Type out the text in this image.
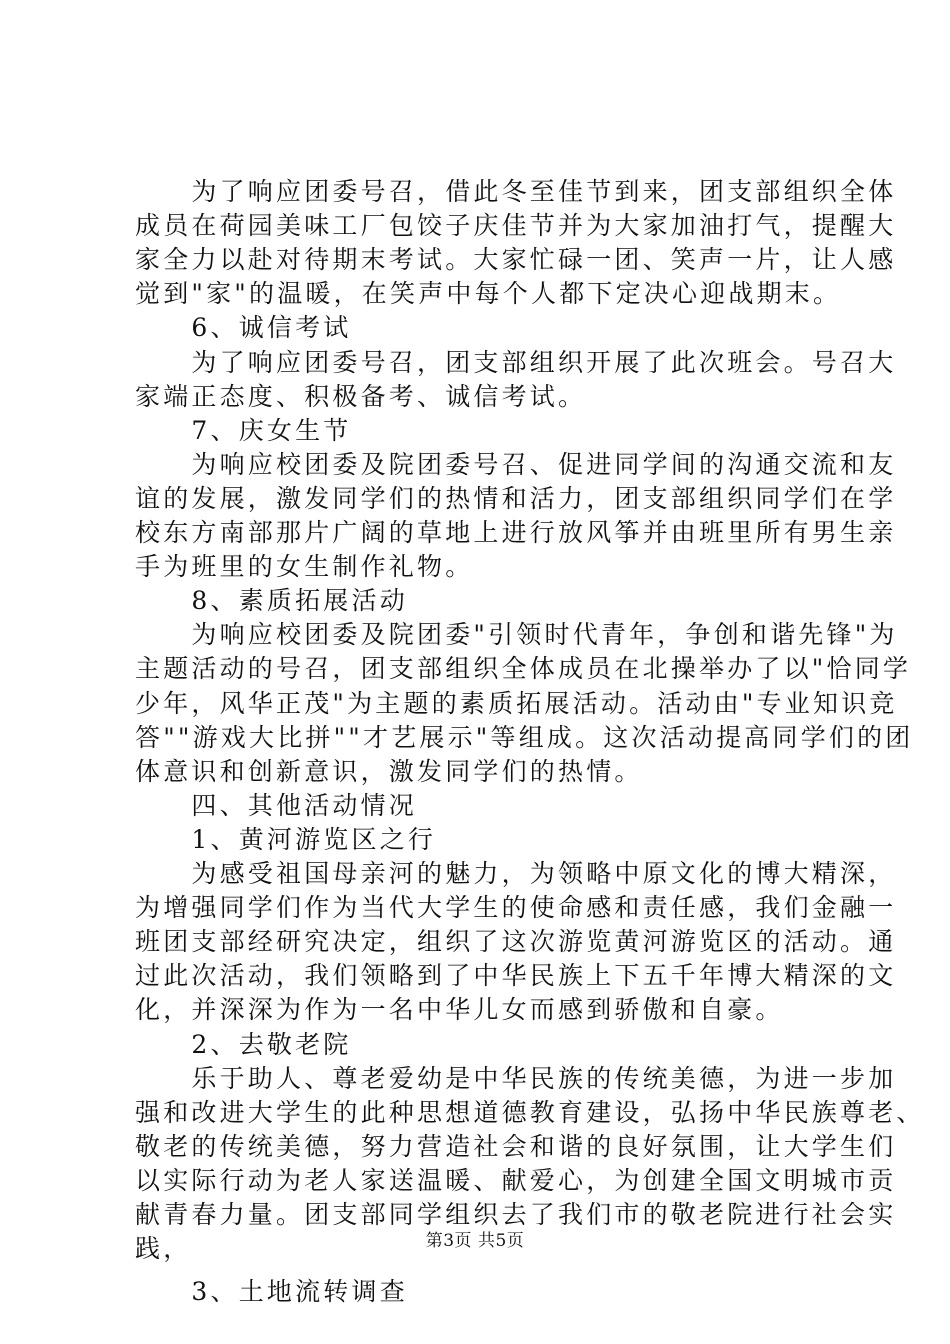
　　为了响应团委号召，借此冬至佳节到来，团支部组织全体
成员在荷园美味工厂包饺子庆佳节并为大家加油打气，提醒大
家全力以赴对待期末考试。大家忙碌一团、笑声一片，让人感
觉到"家"的温暖，在笑声中每个人都下定决心迎战期末。
　　6、诚信考试
　　为了响应团委号召，团支部组织开展了此次班会。号召大
家端正态度、积极备考、诚信考试。
　　7、庆女生节
　　为响应校团委及院团委号召、促进同学间的沟通交流和友
谊的发展，激发同学们的热情和活力，团支部组织同学们在学
校东方南部那片广阔的草地上进行放风筝并由班里所有男生亲
手为班里的女生制作礼物。
　　8、素质拓展活动
　　为响应校团委及院团委"引领时代青年，争创和谐先锋"为
主题活动的号召，团支部组织全体成员在北操举办了以"恰同学
少年，风华正茂"为主题的素质拓展活动。活动由"专业知识竞
答""游戏大比拼""才艺展示"等组成。这次活动提高同学们的团
体意识和创新意识，激发同学们的热情。
　　四、其他活动情况
　　1、黄河游览区之行
　　为感受祖国母亲河的魅力，为领略中原文化的博大精深，
为增强同学们作为当代大学生的使命感和责任感，我们金融一
班团支部经研究决定，组织了这次游览黄河游览区的活动。通
过此次活动，我们领略到了中华民族上下五千年博大精深的文
化，并深深为作为一名中华儿女而感到骄傲和自豪。
　　2、去敬老院
　　乐于助人、尊老爱幼是中华民族的传统美德，为进一步加
强和改进大学生的此种思想道德教育建设，弘扬中华民族尊老、
敬老的传统美德，努力营造社会和谐的良好氛围，让大学生们
以实际行动为老人家送温暖、献爱心，为创建全国文明城市贡
献青春力量。团支部同学组织去了我们市的敬老院进行社会实
践，
　　3、土地流转调查
第3页 共5页
